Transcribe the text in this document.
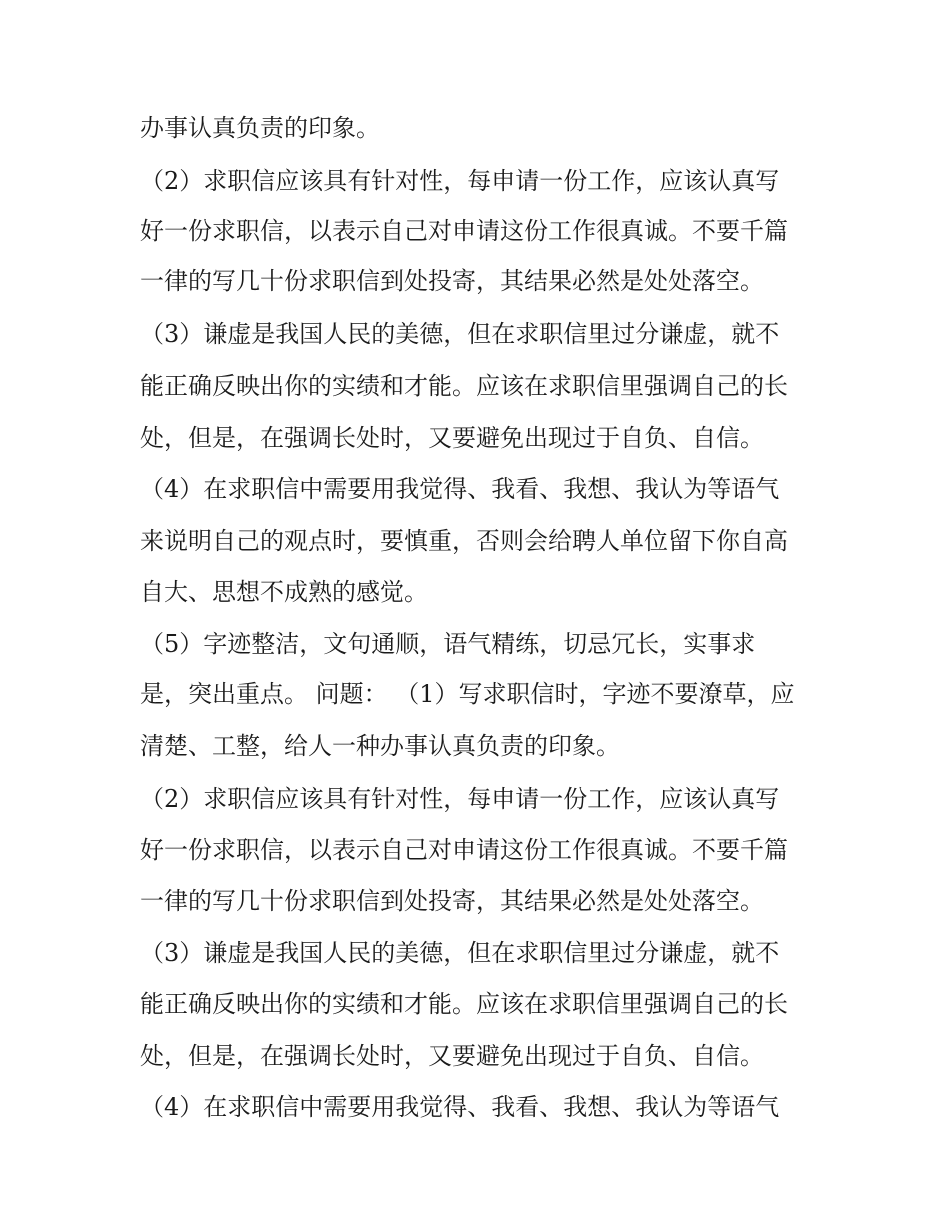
办事认真负责的印象。
（2）求职信应该具有针对性，每申请一份工作，应该认真写
好一份求职信，以表示自己对申请这份工作很真诚。不要千篇
一律的写几十份求职信到处投寄，其结果必然是处处落空。
（3）谦虚是我国人民的美德，但在求职信里过分谦虚，就不
能正确反映出你的实绩和才能。应该在求职信里强调自己的长
处，但是，在强调长处时，又要避免出现过于自负、自信。
（4）在求职信中需要用我觉得、我看、我想、我认为等语气
来说明自己的观点时，要慎重，否则会给聘人单位留下你自高
自大、思想不成熟的感觉。
（5）字迹整洁，文句通顺，语气精练，切忌冗长，实事求
是，突出重点。 问题： （1）写求职信时，字迹不要潦草，应
清楚、工整，给人一种办事认真负责的印象。
（2）求职信应该具有针对性，每申请一份工作，应该认真写
好一份求职信，以表示自己对申请这份工作很真诚。不要千篇
一律的写几十份求职信到处投寄，其结果必然是处处落空。
（3）谦虚是我国人民的美德，但在求职信里过分谦虚，就不
能正确反映出你的实绩和才能。应该在求职信里强调自己的长
处，但是，在强调长处时，又要避免出现过于自负、自信。
（4）在求职信中需要用我觉得、我看、我想、我认为等语气
